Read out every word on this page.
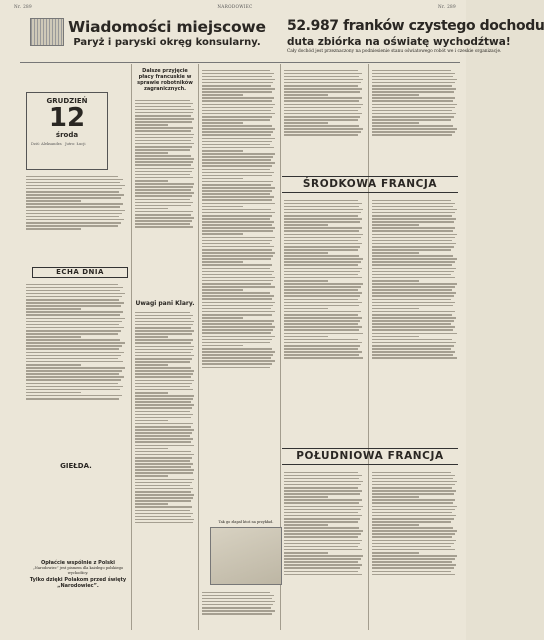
Nr. 289	NARODOWIEC	Nr. 289
Wiadomości miejscowe
Paryż i paryski okręg konsularny.
52.987 franków czystego dochodu
duta zbiórka na oświatę wychodźtwa!
Cały dochód jest przeznaczony na podniesienie stanu oświatowego robót we i czeskie organizacje.
GRUDZIEŃ
12
środa
Dziś: Aleksandra Jutro: Łucji
ECHA DNIA
GIEŁDA.
Opłaćcie wspólnie z Polski
„Narodowiec” jest pismem dla każdego polskiego wychodźcy.
Tylko dzięki Polakom przed święty „Narodowiec”.
Dalsze przyjęcie płacy francuskie w sprawie robotników zagranicznych.
Uwagi pani Klary.
Tak go złapał ktoś na przykład.
ŚRODKOWA FRANCJA
POŁUDNIOWA FRANCJA
